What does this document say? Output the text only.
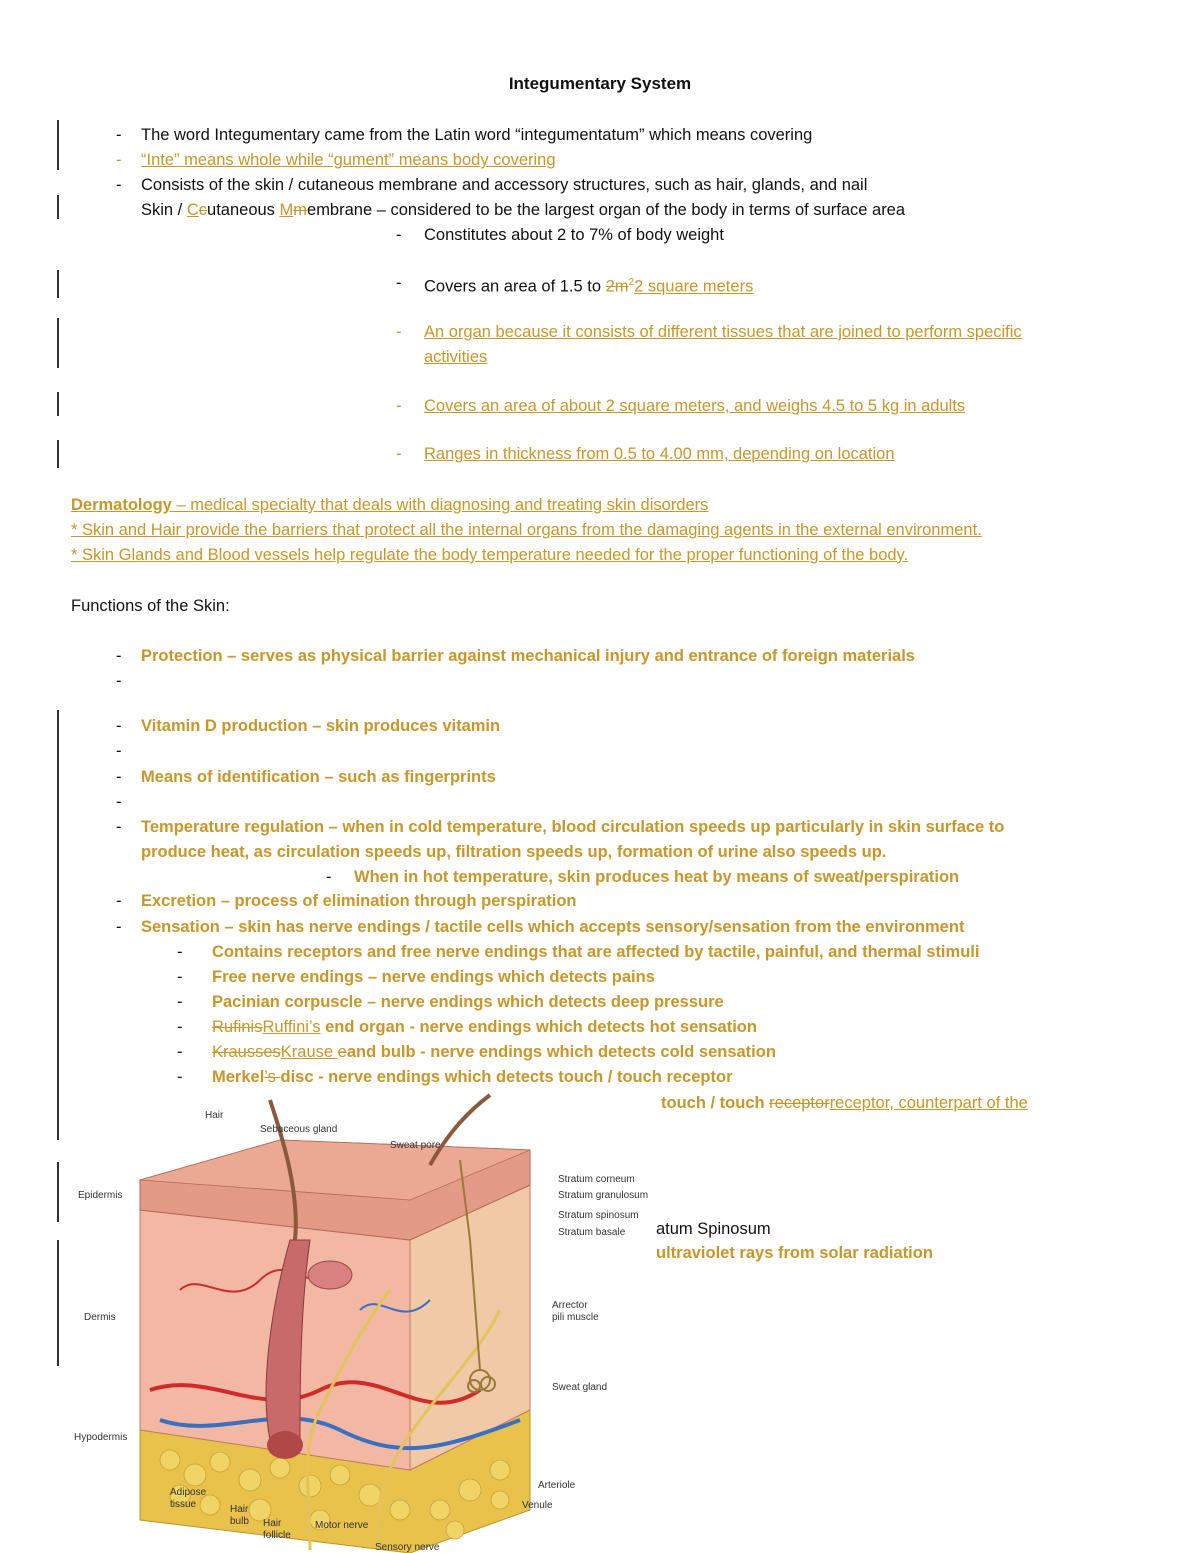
Integumentary System
- The word Integumentary came from the Latin word “integumentatum” which means covering
- “Inte” means whole while “gument” means body covering
- Consists of the skin / cutaneous membrane and accessory structures, such as hair, glands, and nail
Skin / Ccutaneous Mmembrane – considered to be the largest organ of the body in terms of surface area
- Constitutes about 2 to 7% of body weight
- Covers an area of 1.5 to $2m^22$ square meters
- An organ because it consists of different tissues that are joined to perform specific
activities
- Covers an area of about 2 square meters, and weighs 4.5 to 5 kg in adults
- Ranges in thickness from 0.5 to 4.00 mm, depending on location
Dermatology – medical specialty that deals with diagnosing and treating skin disorders
* Skin and Hair provide the barriers that protect all the internal organs from the damaging agents in the external environment.
* Skin Glands and Blood vessels help regulate the body temperature needed for the proper functioning of the body.
Functions of the Skin:
- Protection – serves as physical barrier against mechanical injury and entrance of foreign materials
-
- Vitamin D production – skin produces vitamin
-
- Means of identification – such as fingerprints
-
- Temperature regulation – when in cold temperature, blood circulation speeds up particularly in skin surface to
produce heat, as circulation speeds up, filtration speeds up, formation of urine also speeds up.
- When in hot temperature, skin produces heat by means of sweat/perspiration
- Excretion – process of elimination through perspiration
- Sensation – skin has nerve endings / tactile cells which accepts sensory/sensation from the environment
- Contains receptors and free nerve endings that are affected by tactile, painful, and thermal stimuli
- Free nerve endings – nerve endings which detects pains
- Pacinian corpuscle – nerve endings which detects deep pressure
- RufinisRuffini’s end organ - nerve endings which detects hot sensation
- KraussesKrause eand bulb - nerve endings which detects cold sensation
- Merkel’s disc - nerve endings which detects touch / touch receptor
touch / touch receptorreceptor, counterpart of the
atum Spinosum
ultraviolet rays from solar radiation
Hair
Sebaceous gland
Sweat pore
Epidermis
Stratum corneum
Stratum granulosum
Stratum spinosum
Stratum basale
Dermis
Arrector
pili muscle
Sweat gland
Hypodermis
Adipose
tissue	Hair
bulb Hair
follicle
Motor nerve
Sensory nerve
Arteriole
Venule
